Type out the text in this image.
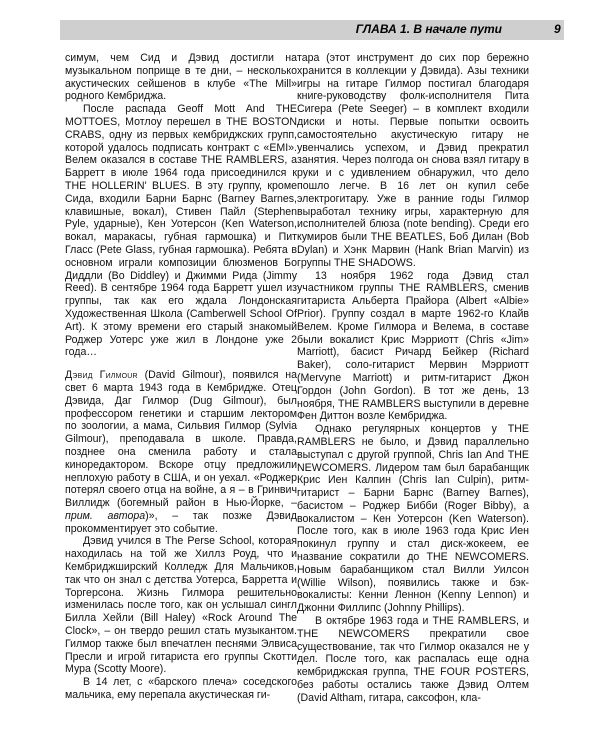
ГЛАВА 1. В начале пути	9

симум, чем Сид и Дэвид достигли на музыкальном поприще в те дни, – несколько акустических сейшенов в клубе «The Mill» родного Кембриджа.

После распада Geoff Mott And THE MOTTOES, Мотлоу перешел в THE BOSTON CRABS, одну из первых кембриджских групп, которой удалось подписать контракт с «EMI». Велем оказался в составе THE RAMBLERS, а Барретт в июле 1964 года присоединился к THE HOLLERIN' BLUES. В эту группу, кроме Сида, входили Барни Барнс (Barney Barnes, клавишные, вокал), Стивен Пайл (Stephen Pyle, ударные), Кен Уотерсон (Ken Waterson, вокал, маракасы, губная гармошка) и Пит Гласс (Pete Glass, губная гармошка). Ребята в основном играли композиции блюзменов Бо Диддли (Bo Diddley) и Джимми Рида (Jimmy Reed). В сентябре 1964 года Барретт ушел из группы, так как его ждала Лондонская Художественная Школа (Camberwell School Of Art). К этому времени его старый знакомый Роджер Уотерс уже жил в Лондоне уже 2 года…

Дэвид Гилмour (David Gilmour), появился на свет 6 марта 1943 года в Кембридже. Отец Дэвида, Даг Гилмор (Dug Gilmour), был профессором генетики и старшим лектором по зоологии, а мама, Сильвия Гилмор (Sylvia Gilmour), преподавала в школе. Правда, позднее она сменила работу и стала кинoредактором. Вскоре отцу предложили неплохую работу в США, и он уехал. «Роджер потерял своего отца на войне, а я – в Гринвич Виллидж (богемный район в Нью-Йорке, – прим. автора)», – так позже Дэвид прокомментирует это событие.

Дэвид учился в The Perse School, которая находилась на той же Хиллз Роуд, что и Кембриджширский Колледж Для Мальчиков, так что он знал с детства Уотерса, Барретта и Торгерсона. Жизнь Гилмора решительно изменилась после того, как он услышал сингл Билла Хейли (Bill Haley) «Rock Around The Clock», – он твердо решил стать музыкантом. Гилмор также был впечатлен песнями Элвиса Пресли и игрой гитариста его группы Скотти Мура (Scotty Moore).

В 14 лет, с «барского плеча» соседского мальчика, ему перепала акустическая ги-

тара (этот инструмент до сих пор бережно хранится в коллекции у Дэвида). Азы техники игры на гитаре Гилмор постигал благодаря книге-руководству фолк-исполнителя Пита Сигера (Pete Seeger) – в комплект входили диски и ноты. Первые попытки освоить самостоятельно акустическую гитару не увенчались успехом, и Дэвид прекратил занятия. Через полгода он снова взял гитару в руки и с удивлением обнаружил, что дело пошло легче. В 16 лет он купил себе электрогитару. Уже в ранние годы Гилмор выработал технику игры, характерную для исполнителей блюза (note bending). Среди его кумиров были THE BEATLES, Боб Дилан (Bob Dylan) и Хэнк Марвин (Hank Brian Marvin) из группы THE SHADOWS.

13 ноября 1962 года Дэвид стал участником группы THE RAMBLERS, сменив гитариста Альберта Прайора (Albert «Albie» Prior). Группу создал в марте 1962-го Клайв Велем. Кроме Гилмора и Велема, в составе были вокалист Крис Мэрриотт (Chris «Jim» Marriott), басист Ричард Бейкер (Richard Baker), соло-гитарист Мервин Мэрриотт (Mervyne Marriott) и ритм-гитарист Джон Гордон (John Gordon). В тот же день, 13 ноября, THE RAMBLERS выступили в деревне Фен Диттон возле Кембриджа.

Однако регулярных концертов у THE RAMBLERS не было, и Дэвид параллельно выступал с другой группой, Chris Ian And THE NEWCOMERS. Лидером там был барабанщик Крис Иен Калпин (Chris Ian Culpin), ритм-гитарист – Барни Барнс (Barney Barnes), басистом – Роджер Бибби (Roger Bibby), а вокалистом – Кен Уотерсон (Ken Waterson). После того, как в июле 1963 года Крис Иен покинул группу и стал диск-жокеем, ее название сократили до THE NEWCOMERS. Новым барабанщиком стал Вилли Уилсон (Willie Wilson), появились также и бэк-вокалисты: Кенни Леннон (Kenny Lennon) и Джонни Филлипс (Johnny Phillips).

В октябре 1963 года и THE RAMBLERS, и THE NEWCOMERS прекратили свое существование, так что Гилмор оказался не у дел. После того, как распалась еще одна кембриджская группа, THE FOUR POSTERS, без работы остались также Дэвид Олтем (David Altham, гитара, саксофон, кла-
